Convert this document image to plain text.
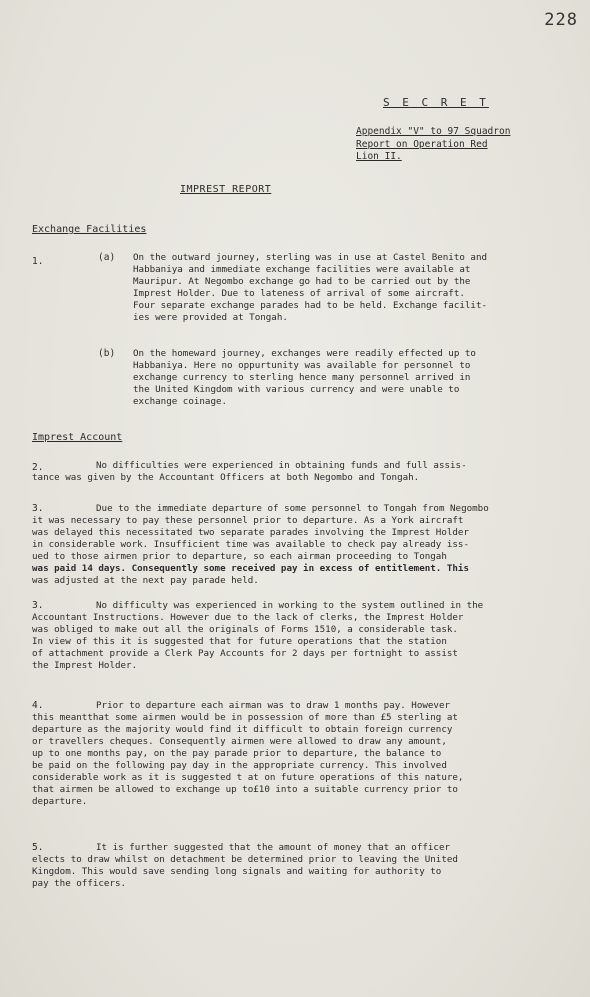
228
S E C R E T
Appendix "V" to 97 Squadron
Report on Operation Red
Lion II.
IMPREST REPORT
Exchange Facilities
1.	(a) On the outward journey, sterling was in use at Castel Benito and
Habbaniya and immediate exchange facilities were available at
Mauripur. At Negombo exchange go had to be carried out by the
Imprest Holder. Due to lateness of arrival of some aircraft.
Four separate exchange parades had to be held. Exchange facilit-
ies were provided at Tongah.
(b) On the homeward journey, exchanges were readily effected up to
Habbaniya. Here no oppurtunity was available for personnel to
exchange currency to sterling hence many personnel arrived in
the United Kingdom with various currency and were unable to
exchange coinage.
Imprest Account
2.	No difficulties were experienced in obtaining funds and full assis-
tance was given by the Accountant Officers at both Negombo and Tongah.
3.	Due to the immediate departure of some personnel to Tongah from Negombo
it was necessary to pay these personnel prior to departure. As a York aircraft
was delayed this necessitated two separate parades involving the Imprest Holder
in considerable work. Insufficient time was available to check pay already iss-
ued to those airmen prior to departure, so each airman proceeding to Tongah
was paid 14 days. Consequently some received pay in excess of entitlement. This
was adjusted at the next pay parade held.
3.	No difficulty was experienced in working to the system outlined in the
Accountant Instructions. However due to the lack of clerks, the Imprest Holder
was obliged to make out all the originals of Forms 1510, a considerable task.
In view of this it is suggested that for future operations that the station
of attachment provide a Clerk Pay Accounts for 2 days per fortnight to assist
the Imprest Holder.
4.	Prior to departure each airman was to draw 1 months pay. However
this meantthat some airmen would be in possession of more than £5 sterling at
departure as the majority would find it difficult to obtain foreign currency
or travellers cheques. Consequently airmen were allowed to draw any amount,
up to one months pay, on the pay parade prior to departure, the balance to
be paid on the following pay day in the appropriate currency. This involved
considerable work as it is suggested t at on future operations of this nature,
that airmen be allowed to exchange up to£10 into a suitable currency prior to
departure.
5.	It is further suggested that the amount of money that an officer
elects to draw whilst on detachment be determined prior to leaving the United
Kingdom. This would save sending long signals and waiting for authority to
pay the officers.
